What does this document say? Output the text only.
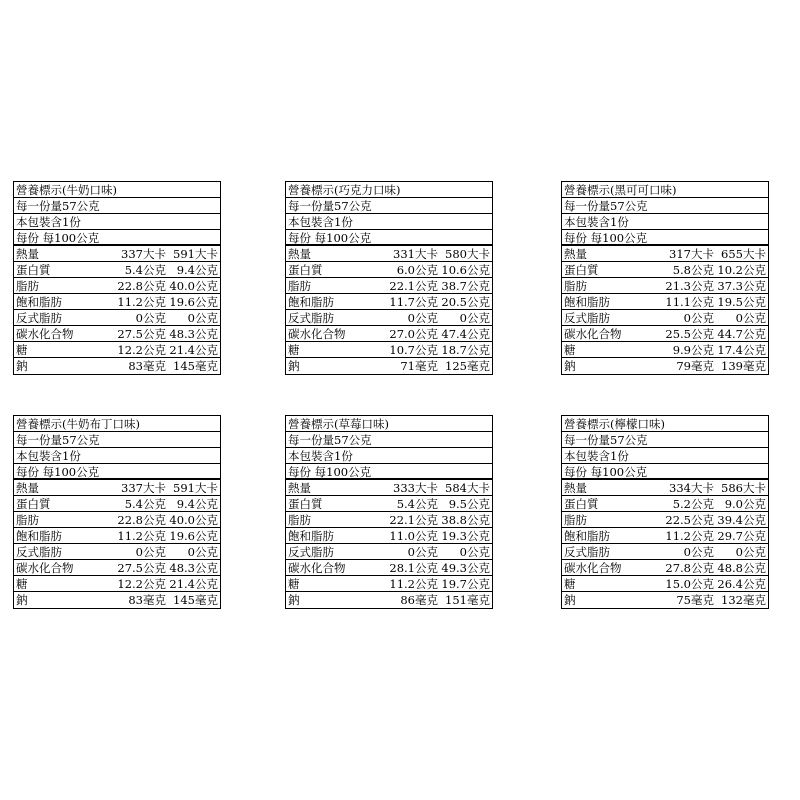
營養標示(牛奶口味)
每一份量57公克
本包裝含1份
每份 每100公克
熱量	337大卡 591大卡
蛋白質	5.4公克 9.4公克
脂肪	22.8公克 40.0公克
飽和脂肪	11.2公克 19.6公克
反式脂肪	0公克	0公克
碳水化合物	27.5公克 48.3公克
糖	12.2公克 21.4公克
鈉	83毫克 145毫克
營養標示(巧克力口味)
每一份量57公克
本包裝含1份
每份 每100公克
熱量	331大卡 580大卡
蛋白質	6.0公克 10.6公克
脂肪	22.1公克 38.7公克
飽和脂肪	11.7公克 20.5公克
反式脂肪	0公克	0公克
碳水化合物	27.0公克 47.4公克
糖	10.7公克 18.7公克
鈉	71毫克 125毫克
營養標示(黑可可口味)
每一份量57公克
本包裝含1份
每份 每100公克
熱量	317大卡 655大卡
蛋白質	5.8公克 10.2公克
脂肪	21.3公克 37.3公克
飽和脂肪	11.1公克 19.5公克
反式脂肪	0公克	0公克
碳水化合物	25.5公克 44.7公克
糖	9.9公克 17.4公克
鈉	79毫克 139毫克
營養標示(牛奶布丁口味)
每一份量57公克
本包裝含1份
每份 每100公克
熱量	337大卡 591大卡
蛋白質	5.4公克 9.4公克
脂肪	22.8公克 40.0公克
飽和脂肪	11.2公克 19.6公克
反式脂肪	0公克	0公克
碳水化合物	27.5公克 48.3公克
糖	12.2公克 21.4公克
鈉	83毫克 145毫克
營養標示(草莓口味)
每一份量57公克
本包裝含1份
每份 每100公克
熱量	333大卡 584大卡
蛋白質	5.4公克 9.5公克
脂肪	22.1公克 38.8公克
飽和脂肪	11.0公克 19.3公克
反式脂肪	0公克	0公克
碳水化合物	28.1公克 49.3公克
糖	11.2公克 19.7公克
鈉	86毫克 151毫克
營養標示(檸檬口味)
每一份量57公克
本包裝含1份
每份 每100公克
熱量	334大卡 586大卡
蛋白質	5.2公克 9.0公克
脂肪	22.5公克 39.4公克
飽和脂肪	11.2公克 29.7公克
反式脂肪	0公克	0公克
碳水化合物	27.8公克 48.8公克
糖	15.0公克 26.4公克
鈉	75毫克 132毫克
